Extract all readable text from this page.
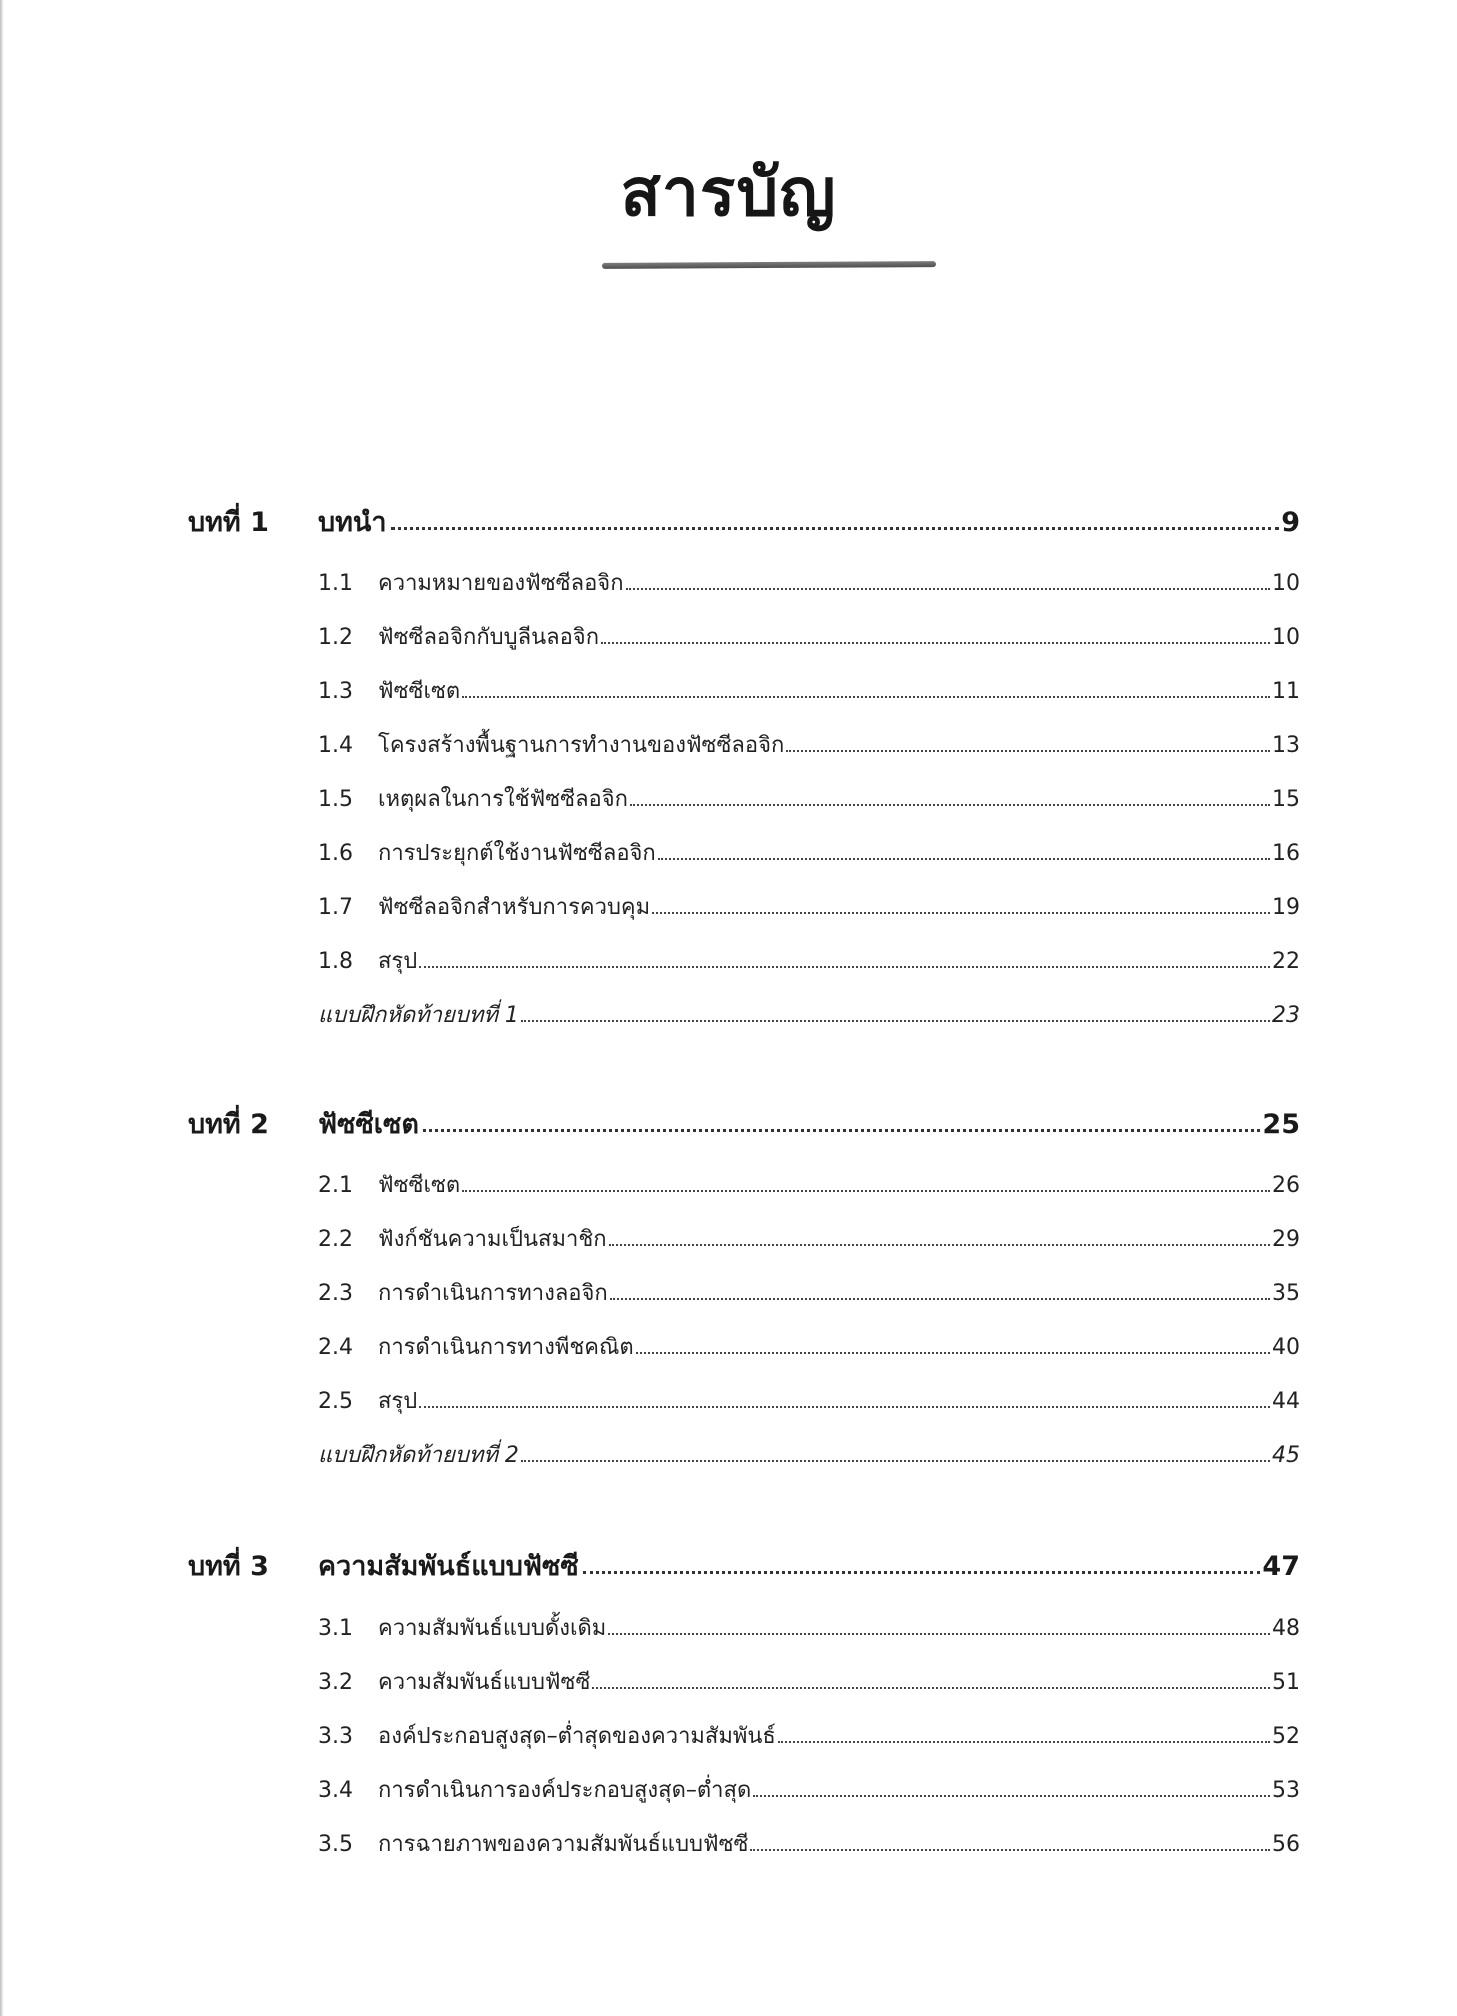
สารบัญ
บทที่ 1	บทนำ	9
1.1	ความหมายของฟัซซีลอจิก	10
1.2	ฟัซซีลอจิกกับบูลีนลอจิก	10
1.3	ฟัซซีเซต	11
1.4	โครงสร้างพื้นฐานการทำงานของฟัซซีลอจิก	13
1.5	เหตุผลในการใช้ฟัซซีลอจิก	15
1.6	การประยุกต์ใช้งานฟัซซีลอจิก	16
1.7	ฟัซซีลอจิกสำหรับการควบคุม	19
1.8	สรุป	22
แบบฝึกหัดท้ายบทที่ 1	23
บทที่ 2	ฟัซซีเซต	25
2.1	ฟัซซีเซต	26
2.2	ฟังก์ชันความเป็นสมาชิก	29
2.3	การดำเนินการทางลอจิก	35
2.4	การดำเนินการทางพีชคณิต	40
2.5	สรุป	44
แบบฝึกหัดท้ายบทที่ 2	45
บทที่ 3	ความสัมพันธ์แบบฟัซซี	47
3.1	ความสัมพันธ์แบบดั้งเดิม	48
3.2	ความสัมพันธ์แบบฟัซซี	51
3.3	องค์ประกอบสูงสุด–ต่ำสุดของความสัมพันธ์	52
3.4	การดำเนินการองค์ประกอบสูงสุด–ต่ำสุด	53
3.5	การฉายภาพของความสัมพันธ์แบบฟัซซี	56
